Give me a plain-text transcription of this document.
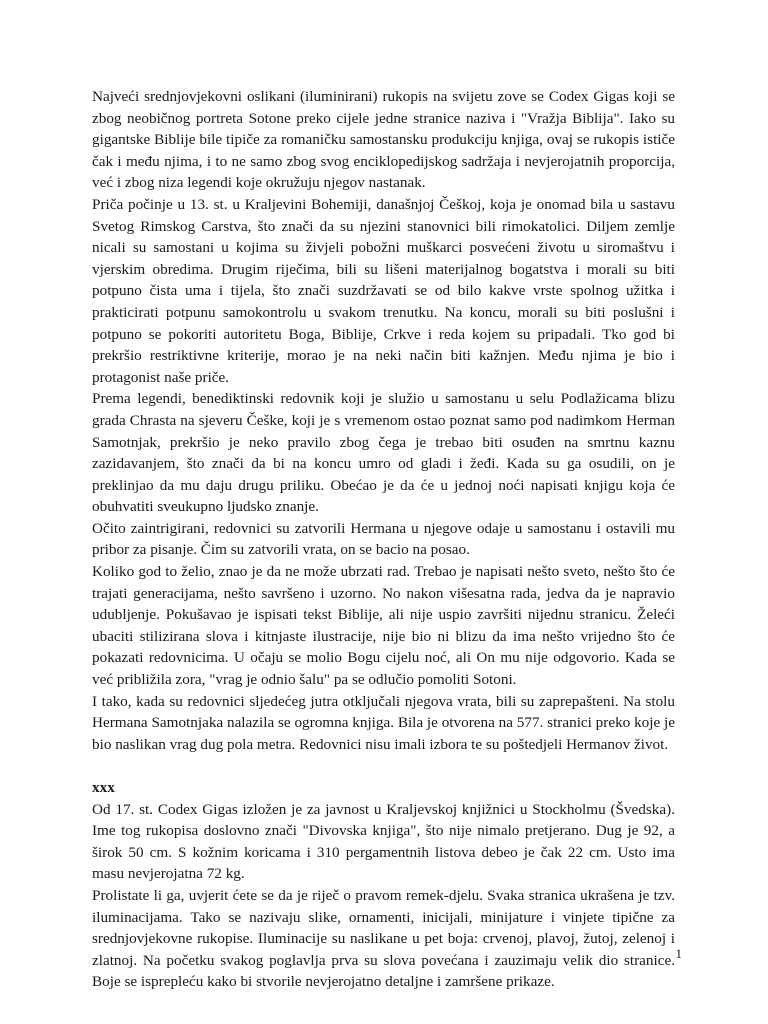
Najveći srednjovjekovni oslikani (iluminirani) rukopis na svijetu zove se Codex Gigas koji se zbog neobičnog portreta Sotone preko cijele jedne stranice naziva i "Vražja Biblija". Iako su gigantske Biblije bile tipiče za romaničku samostansku produkciju knjiga, ovaj se rukopis ističe čak i među njima, i to ne samo zbog svog enciklopedijskog sadržaja i nevjerojatnih proporcija, već i zbog niza legendi koje okružuju njegov nastanak.

Priča počinje u 13. st. u Kraljevini Bohemiji, današnjoj Češkoj, koja je onomad bila u sastavu Svetog Rimskog Carstva, što znači da su njezini stanovnici bili rimokatolici. Diljem zemlje nicali su samostani u kojima su živjeli pobožni muškarci posvećeni životu u siromaštvu i vjerskim obredima. Drugim riječima, bili su lišeni materijalnog bogatstva i morali su biti potpuno čista uma i tijela, što znači suzdržavati se od bilo kakve vrste spolnog užitka i prakticirati potpunu samokontrolu u svakom trenutku. Na koncu, morali su biti poslušni i potpuno se pokoriti autoritetu Boga, Biblije, Crkve i reda kojem su pripadali. Tko god bi prekršio restriktivne kriterije, morao je na neki način biti kažnjen. Među njima je bio i protagonist naše priče.

Prema legendi, benediktinski redovnik koji je služio u samostanu u selu Podlažicama blizu grada Chrasta na sjeveru Češke, koji je s vremenom ostao poznat samo pod nadimkom Herman Samotnjak, prekršio je neko pravilo zbog čega je trebao biti osuđen na smrtnu kaznu zazidavanjem, što znači da bi na koncu umro od gladi i žeđi. Kada su ga osudili, on je preklinjao da mu daju drugu priliku. Obećao je da će u jednoj noći napisati knjigu koja će obuhvatiti sveukupno ljudsko znanje.

Očito zaintrigirani, redovnici su zatvorili Hermana u njegove odaje u samostanu i ostavili mu pribor za pisanje. Čim su zatvorili vrata, on se bacio na posao.

Koliko god to želio, znao je da ne može ubrzati rad. Trebao je napisati nešto sveto, nešto što će trajati generacijama, nešto savršeno i uzorno. No nakon višesatna rada, jedva da je napravio udubljenje. Pokušavao je ispisati tekst Biblije, ali nije uspio završiti nijednu stranicu. Želeći ubaciti stilizirana slova i kitnjaste ilustracije, nije bio ni blizu da ima nešto vrijedno što će pokazati redovnicima. U očaju se molio Bogu cijelu noć, ali On mu nije odgovorio. Kada se već približila zora, "vrag je odnio šalu" pa se odlučio pomoliti Sotoni.

I tako, kada su redovnici sljedećeg jutra otključali njegova vrata, bili su zaprepašteni. Na stolu Hermana Samotnjaka nalazila se ogromna knjiga. Bila je otvorena na 577. stranici preko koje je bio naslikan vrag dug pola metra. Redovnici nisu imali izbora te su poštedjeli Hermanov život.

xxx

Od 17. st. Codex Gigas izložen je za javnost u Kraljevskoj knjižnici u Stockholmu (Švedska). Ime tog rukopisa doslovno znači "Divovska knjiga", što nije nimalo pretjerano. Dug je 92, a širok 50 cm. S kožnim koricama i 310 pergamentnih listova debeo je čak 22 cm. Usto ima masu nevjerojatna 72 kg.

Prolistate li ga, uvjerit ćete se da je riječ o pravom remek-djelu. Svaka stranica ukrašena je tzv. iluminacijama. Tako se nazivaju slike, ornamenti, inicijali, minijature i vinjete tipične za srednjovjekovne rukopise. Iluminacije su naslikane u pet boja: crvenoj, plavoj, žutoj, zelenoj i zlatnoj. Na početku svakog poglavlja prva su slova povećana i zauzimaju velik dio stranice. Boje se isprepleću kako bi stvorile nevjerojatno detaljne i zamršene prikaze.

1
